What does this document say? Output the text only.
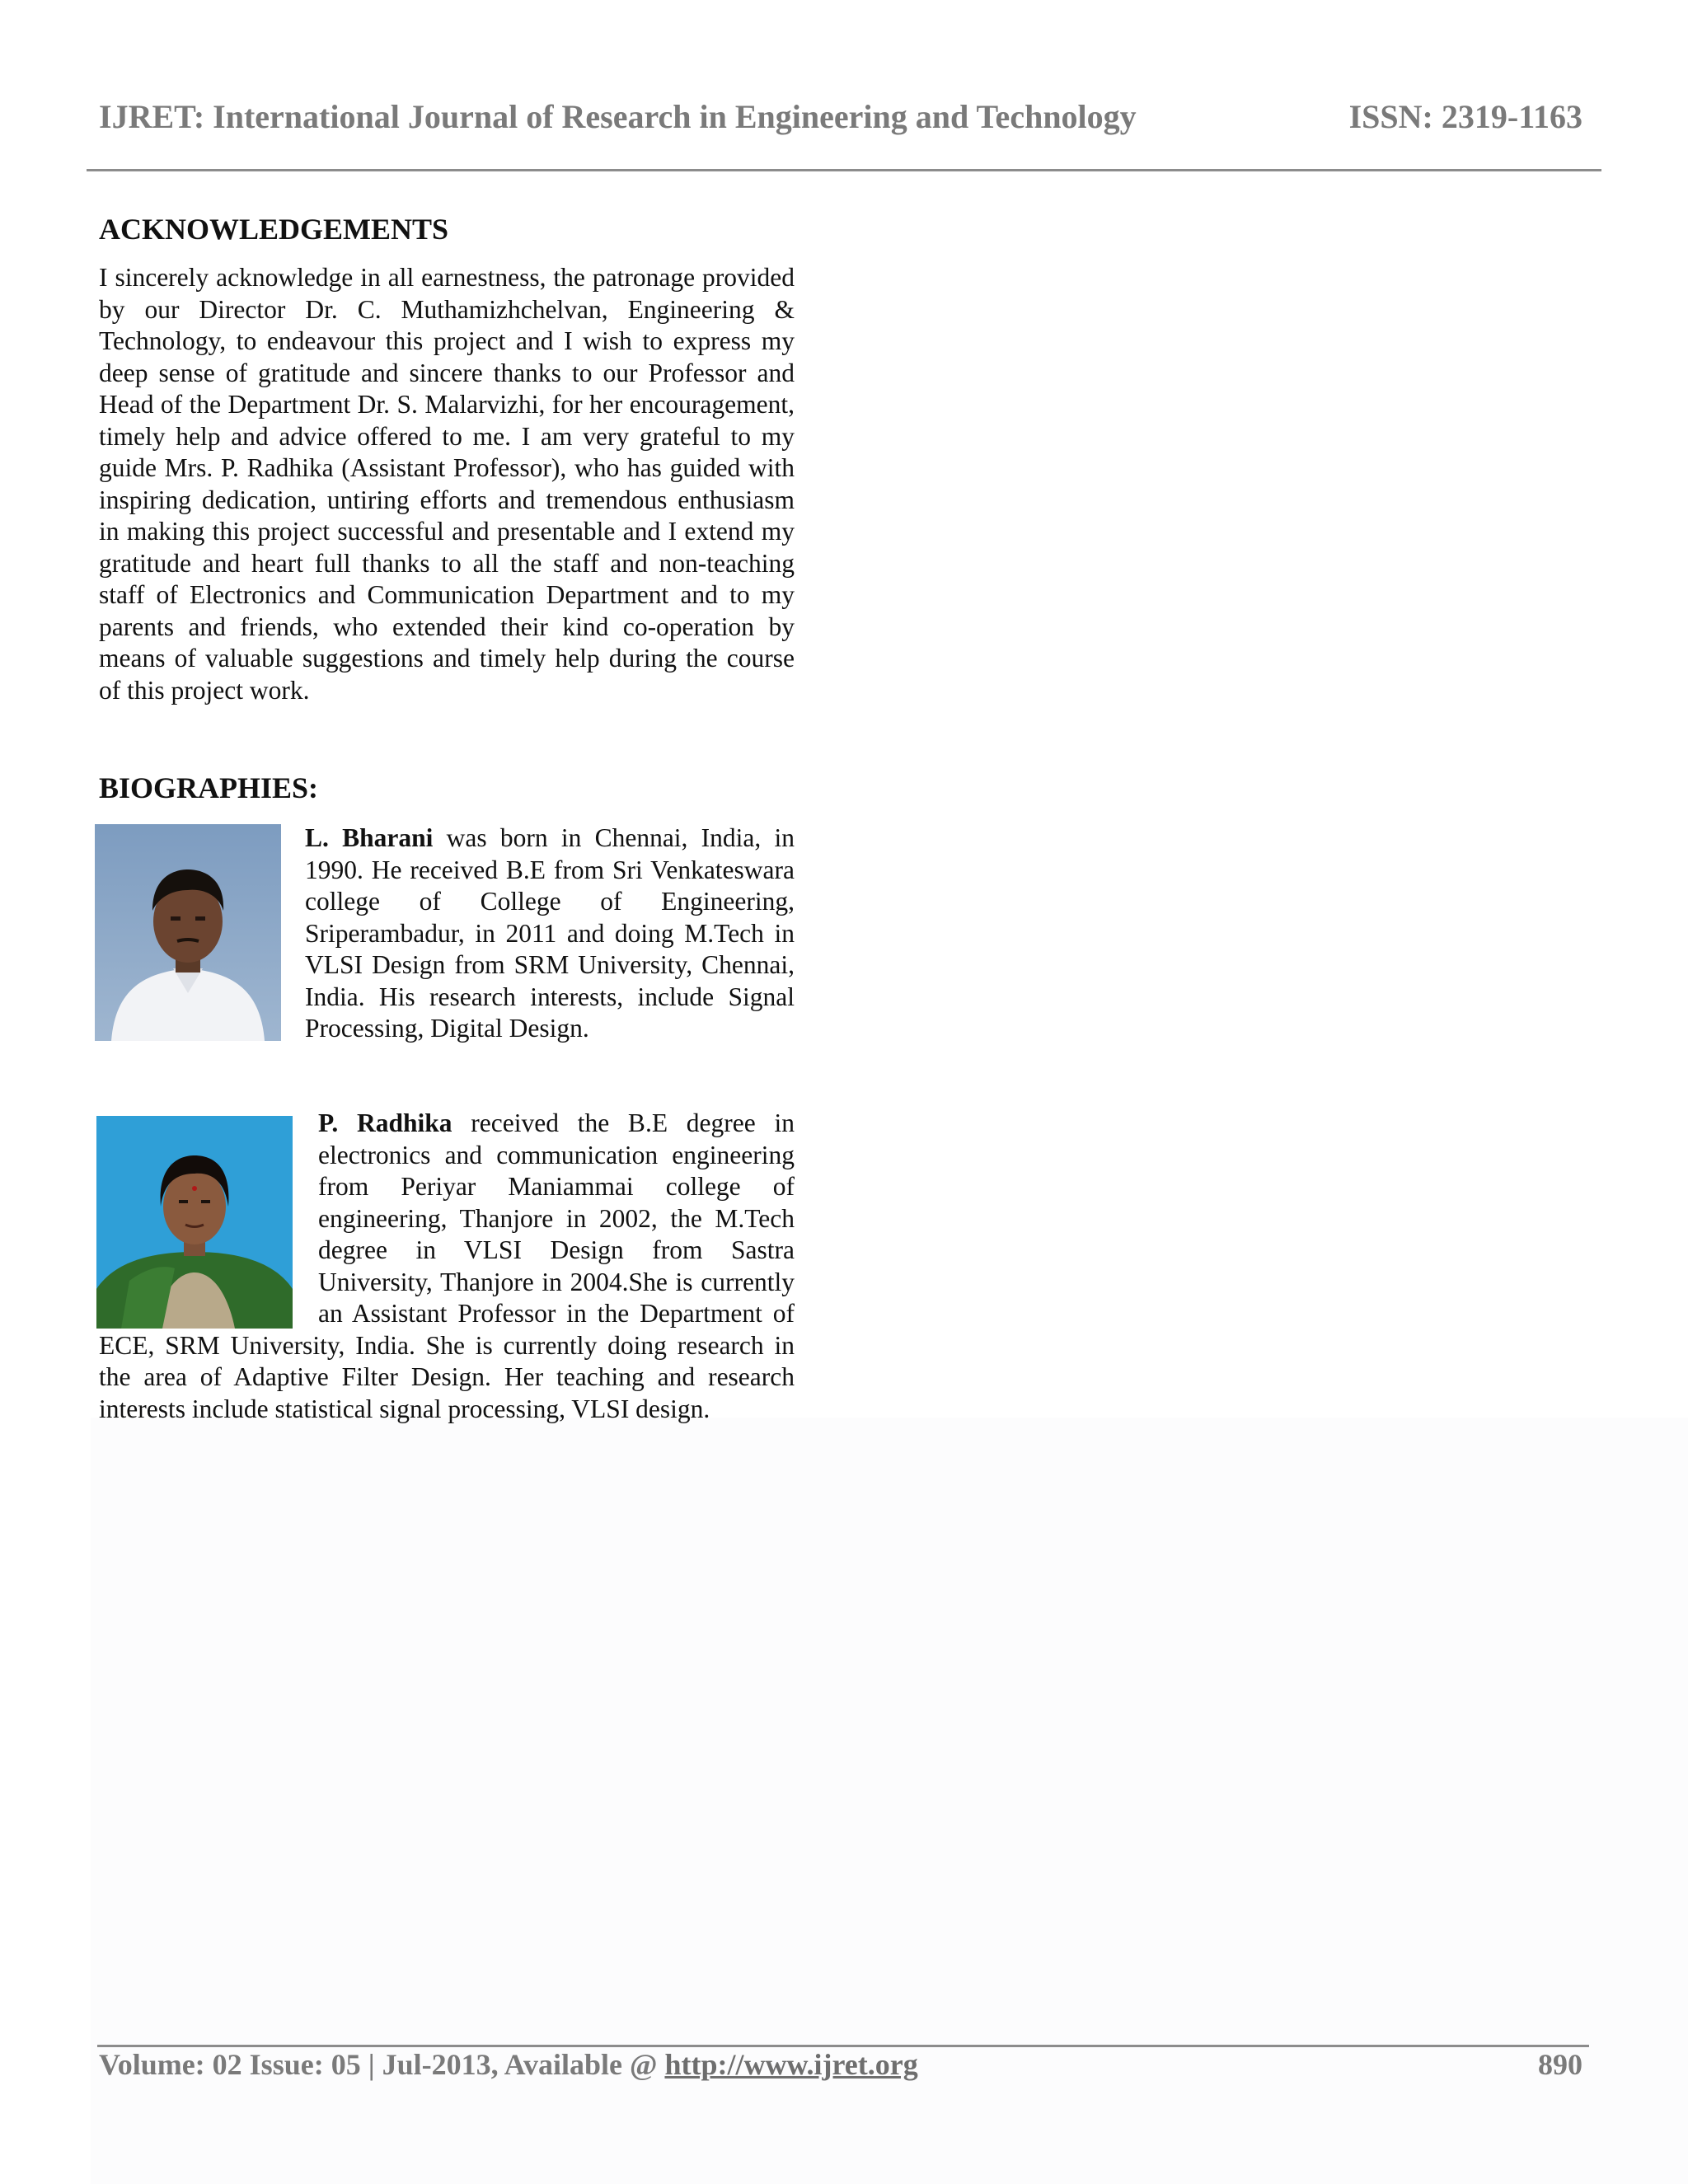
IJRET: International Journal of Research in Engineering and Technology	ISSN: 2319-1163
ACKNOWLEDGEMENTS

I sincerely acknowledge in all earnestness, the patronage provided by our Director Dr. C. Muthamizhchelvan, Engineering & Technology, to endeavour this project and I wish to express my deep sense of gratitude and sincere thanks to our Professor and Head of the Department Dr. S. Malarvizhi, for her encouragement, timely help and advice offered to me. I am very grateful to my guide Mrs. P. Radhika (Assistant Professor), who has guided with inspiring dedication, untiring efforts and tremendous enthusiasm in making this project successful and presentable and I extend my gratitude and heart full thanks to all the staff and non-teaching staff of Electronics and Communication Department and to my parents and friends, who extended their kind co-operation by means of valuable suggestions and timely help during the course of this project work.

BIOGRAPHIES:

L. Bharani was born in Chennai, India, in 1990. He received B.E from Sri Venkateswara college of College of Engineering, Sriperambadur, in 2011 and doing M.Tech in VLSI Design from SRM University, Chennai, India. His research interests, include Signal Processing, Digital Design.

P. Radhika received the B.E degree in electronics and communication engineering from Periyar Maniammai college of engineering, Thanjore in 2002, the M.Tech degree in VLSI Design from Sastra University, Thanjore in 2004.She is currently an Assistant Professor in the Department of ECE, SRM University, India. She is currently doing research in the area of Adaptive Filter Design. Her teaching and research interests include statistical signal processing, VLSI design.

Volume: 02 Issue: 05 | Jul-2013, Available @ http://www.ijret.org	890
